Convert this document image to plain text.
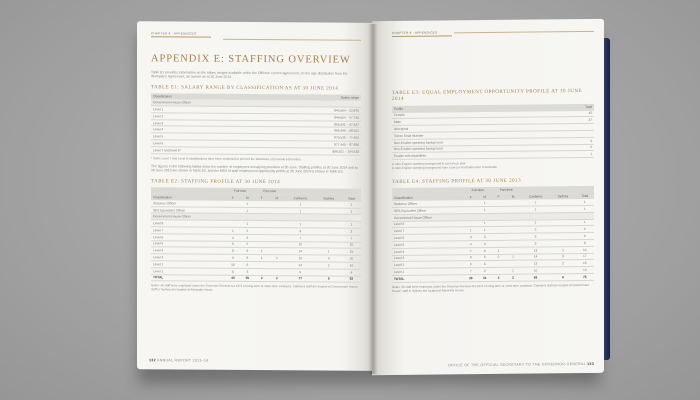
CHAPTER 6 · APPENDICES
APPENDIX E: STAFFING OVERVIEW
Table E1 provides information on the salary ranges available under the Officers' current agreement, on the age distribution from the Workplace Agreement, as current as at 30 June 2014.
TABLE E1: SALARY RANGE BY CLASSIFICATION AS AT 30 JUNE 2014
Classification	Salary range
Government House Officer	
Level 1	$40,904 – 52,875
Level 2	$49,664 – 57,726
Level 3	$56,691 – 67,437
Level 4	$64,996 – 68,552
Level 5	$70,535 – 77,402
Level 6	$77,449 – 87,836
Level 7 and level 8*	$96,921 – 144,533
* Some Level 7 and Level 8 classifications have been combined to prevent the disclosure of personal information.
The figures in the following tables show the number of employees occupying positions at 30 June. Staffing profiles at 30 June 2014 and at 30 June 2013 are shown in Table E2, and the EEO of staff employment opportunity profile at 30 June 2014 is shown in Table E3.
TABLE E2: STAFFING PROFILE AT 30 JUNE 2014
	Full-time		Part-time				
Classification	F	M	F	M	Canberra	Sydney	Total
Statutory Officer		1			1		1
SES Equivalent Officer		1			1		1
Government House Officer							
Level 8		1			1		1
Level 7	1	2			3		3
Level 6	4	3			7		7
Level 5	5	5			10		10
Level 4	8	6	1		14	1	15
Level 3	9	8	1	2	16	4	20
Level 2	10	6			14	2	16
Level 1	6	3			9		9
TOTAL	43	35	2	2	77	5	82
Notes: All staff were employed under the Governor-General Act 1974 on long-term or short-term contracts. Canberra staff are located at Government House; staff in Sydney are located at Admiralty House.
132 ANNUAL REPORT 2013–14
CHAPTER 6 · APPENDICES
TABLE E3: EQUAL EMPLOYMENT OPPORTUNITY PROFILE AT 30 JUNE 2014
Profile	Total
Female	45
Male	37
Aboriginal	
Torres Strait Islander	
Non-English speaking background	4
Non-English speaking background	6
People with disabilities	1
a. Non-English speaking background in a previous year
b. Non-English speaking background from a person Australian born in Australia
TABLE E4: STAFFING PROFILE AT 30 JUNE 2013
	Full-time		Part-time				
Classification	F	M	F	M	Canberra	Sydney	Total
Statutory Officer		1			1		1
SES Equivalent Officer		1			1		1
Government House Officer							
Level 8		1			1		1
Level 7	1	1			2		2
Level 6	3	3			6		6
Level 5	4	4			8		8
Level 4	7	6	1		13	1	14
Level 3	8	6	2	1	14	3	17
Level 2	9	6			13	2	15
Level 1	7	2		1	10		10
TOTAL	39	31	3	2	69	6	75
Notes: All staff were employed under the Governor-General Act 1974 on long-term or short-term contracts. Canberra staff are located at Government House; staff in Sydney are located at Admiralty House.
OFFICE OF THE OFFICIAL SECRETARY TO THE GOVERNOR-GENERAL 133
